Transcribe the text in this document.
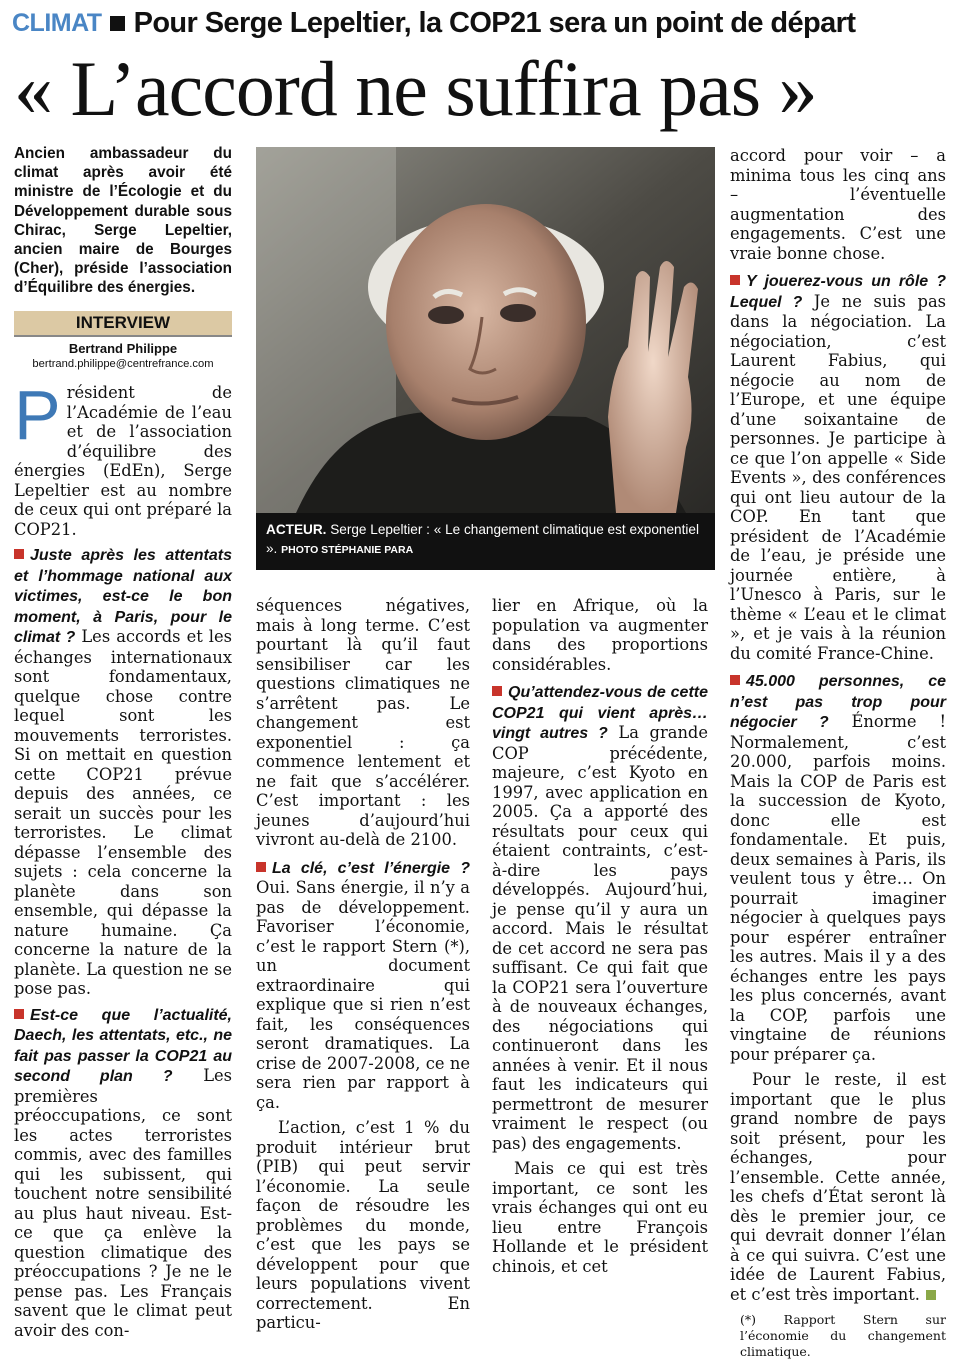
CLIMAT Pour Serge Lepeltier, la COP21 sera un point de départ
« L’accord ne suffira pas »
Ancien ambassadeur du climat après avoir été ministre de l’Écologie et du Développement durable sous Chirac, Serge Lepeltier, ancien maire de Bourges (Cher), préside l’association d’Équilibre des énergies.
INTERVIEW
Bertrand Philippe
bertrand.philippe@centrefrance.com

Président de l’Académie de l’eau et de l’association d’équilibre des énergies (EdEn), Serge Lepeltier est au nombre de ceux qui ont préparé la COP21.

Juste après les attentats et l’hommage national aux victimes, est-ce le bon moment, à Paris, pour le climat ? Les accords et les échanges internationaux sont fondamentaux, quelque chose contre lequel sont les mouvements terroristes. Si on mettait en question cette COP21 prévue depuis des années, ce serait un succès pour les terroristes. Le climat dépasse l’ensemble des sujets : cela concerne la planète dans son ensemble, qui dépasse la nature humaine. Ça concerne la nature de la planète. La question ne se pose pas.

Est-ce que l’actualité, Daech, les attentats, etc., ne fait pas passer la COP21 au second plan ? Les premières préoccupations, ce sont les actes terroristes commis, avec des familles qui les subissent, qui touchent notre sensibilité au plus haut niveau. Est-ce que ça enlève la question climatique des préoccupations ? Je ne le pense pas. Les Français savent que le climat peut avoir des con-

ACTEUR. Serge Lepeltier : « Le changement climatique est exponentiel ». PHOTO STÉPHANIE PARA

séquences négatives, mais à long terme. C’est pourtant là qu’il faut sensibiliser car les questions climatiques ne s’arrêtent pas. Le changement est exponentiel : ça commence lentement et ne fait que s’accélérer. C’est important : les jeunes d’aujourd’hui vivront au-delà de 2100.

La clé, c’est l’énergie ? Oui. Sans énergie, il n’y a pas de développement. Favoriser l’économie, c’est le rapport Stern (*), un document extraordinaire qui explique que si rien n’est fait, les conséquences seront dramatiques. La crise de 2007-2008, ce ne sera rien par rapport à ça.

L’action, c’est 1 % du produit intérieur brut (PIB) qui peut servir l’économie. La seule façon de résoudre les problèmes du monde, c’est que les pays se développent pour que leurs populations vivent correctement. En particu-

lier en Afrique, où la population va augmenter dans des proportions considérables.

Qu’attendez-vous de cette COP21 qui vient après… vingt autres ? La grande COP précédente, majeure, c’est Kyoto en 1997, avec application en 2005. Ça a apporté des résultats pour ceux qui étaient contraints, c’est-à-dire les pays développés. Aujourd’hui, je pense qu’il y aura un accord. Mais le résultat de cet accord ne sera pas suffisant. Ce qui fait que la COP21 sera l’ouverture à de nouveaux échanges, des négociations qui continueront dans les années à venir. Et il nous faut les indicateurs qui permettront de mesurer vraiment le respect (ou pas) des engagements.

Mais ce qui est très important, ce sont les vrais échanges qui ont eu lieu entre François Hollande et le président chinois, et cet

accord pour voir – a minima tous les cinq ans – l’éventuelle augmentation des engagements. C’est une vraie bonne chose.

Y jouerez-vous un rôle ? Lequel ? Je ne suis pas dans la négociation. La négociation, c’est Laurent Fabius, qui négocie au nom de l’Europe, et une équipe d’une soixantaine de personnes. Je participe à ce que l’on appelle « Side Events », des conférences qui ont lieu autour de la COP. En tant que président de l’Académie de l’eau, je préside une journée entière, à l’Unesco à Paris, sur le thème « L’eau et le climat », et je vais à la réunion du comité France-Chine.

45.000 personnes, ce n’est pas trop pour négocier ? Énorme ! Normalement, c’est 20.000, parfois moins. Mais la COP de Paris est la succession de Kyoto, donc elle est fondamentale. Et puis, deux semaines à Paris, ils veulent tous y être… On pourrait imaginer négocier à quelques pays pour espérer entraîner les autres. Mais il y a des échanges entre les pays les plus concernés, avant la COP, parfois une vingtaine de réunions pour préparer ça.

Pour le reste, il est important que le plus grand nombre de pays soit présent, pour les échanges, pour l’ensemble. Cette année, les chefs d’État seront là dès le premier jour, ce qui devrait donner l’élan à ce qui suivra. C’est une idée de Laurent Fabius, et c’est très important.

(*) Rapport Stern sur l’économie du changement climatique.
